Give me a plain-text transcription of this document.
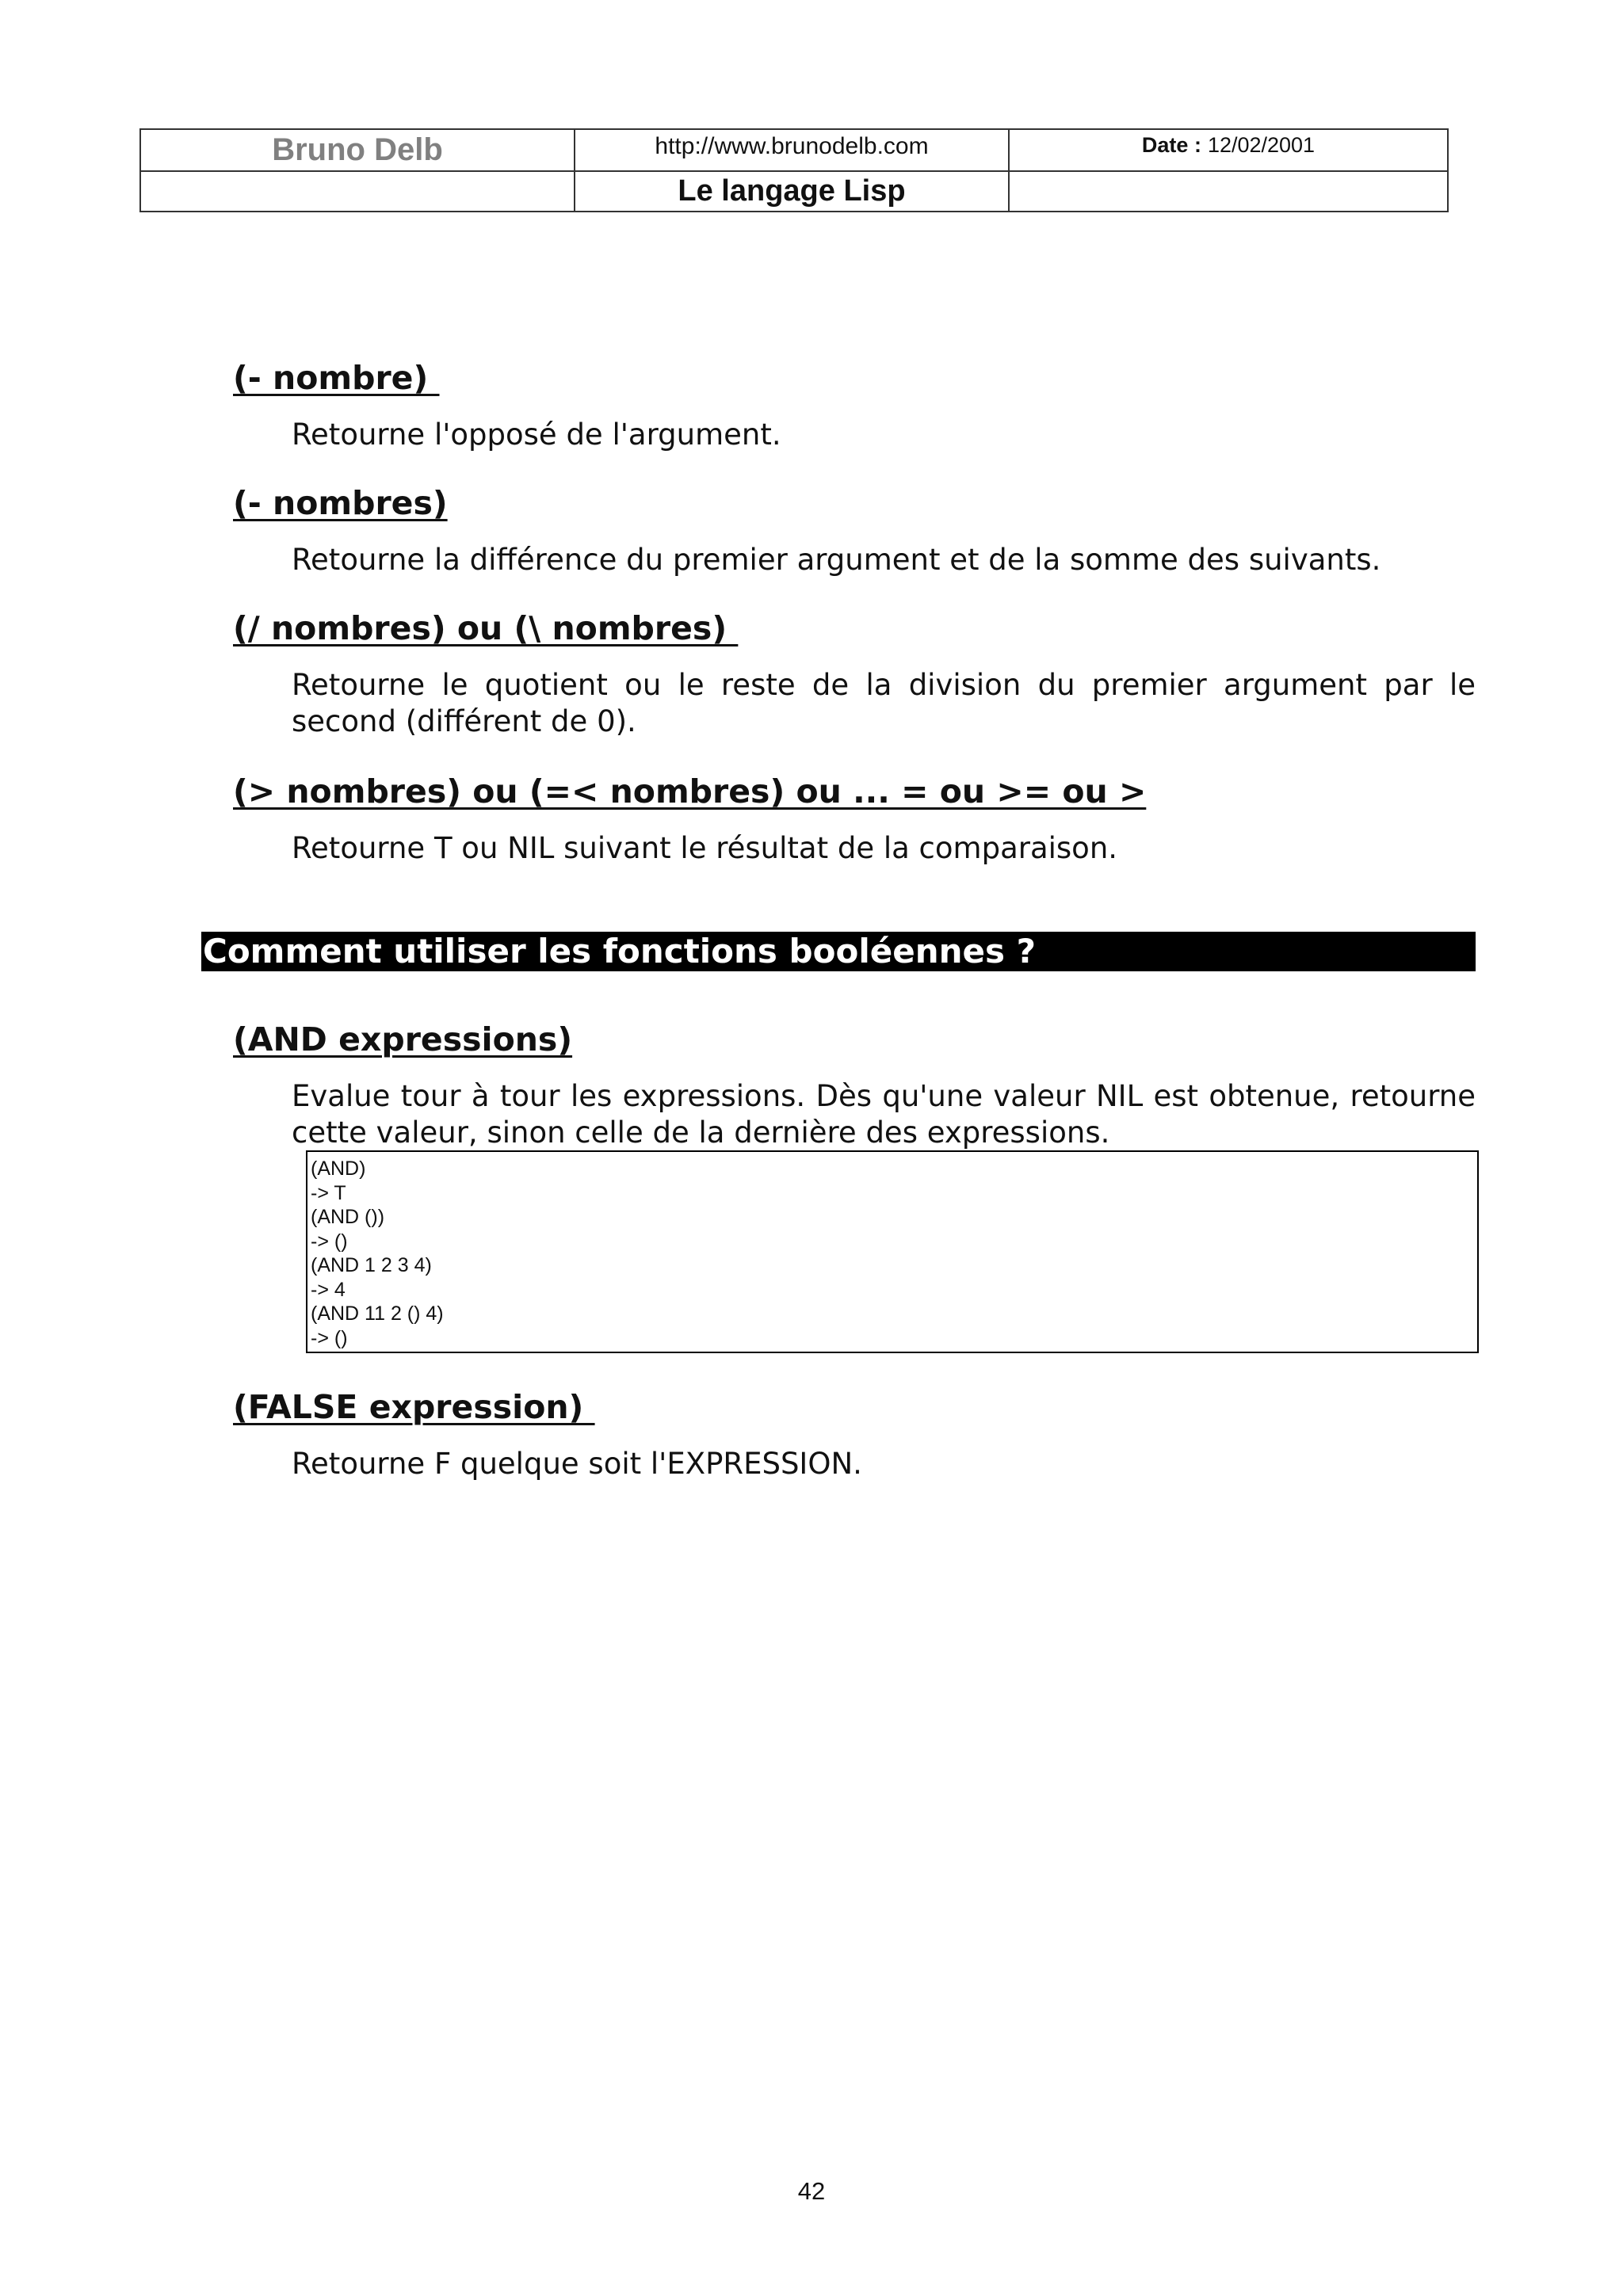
Bruno Delb	http://www.brunodelb.com	Date : 12/02/2001
Le langage Lisp
(- nombre)
Retourne l'opposé de l'argument.
(- nombres)
Retourne la différence du premier argument et de la somme des suivants.
(/ nombres) ou (\ nombres)
Retourne le quotient ou le reste de la division du premier argument par le second (différent de 0).
(> nombres) ou (=< nombres) ou ... = ou >= ou >
Retourne T ou NIL suivant le résultat de la comparaison.
Comment utiliser les fonctions booléennes ?
(AND expressions)
Evalue tour à tour les expressions. Dès qu'une valeur NIL est obtenue, retourne cette valeur, sinon celle de la dernière des expressions.
(AND)
-> T
(AND ())
-> ()
(AND 1 2 3 4)
-> 4
(AND 11 2 () 4)
-> ()
(FALSE expression)
Retourne F quelque soit l'EXPRESSION.
42
